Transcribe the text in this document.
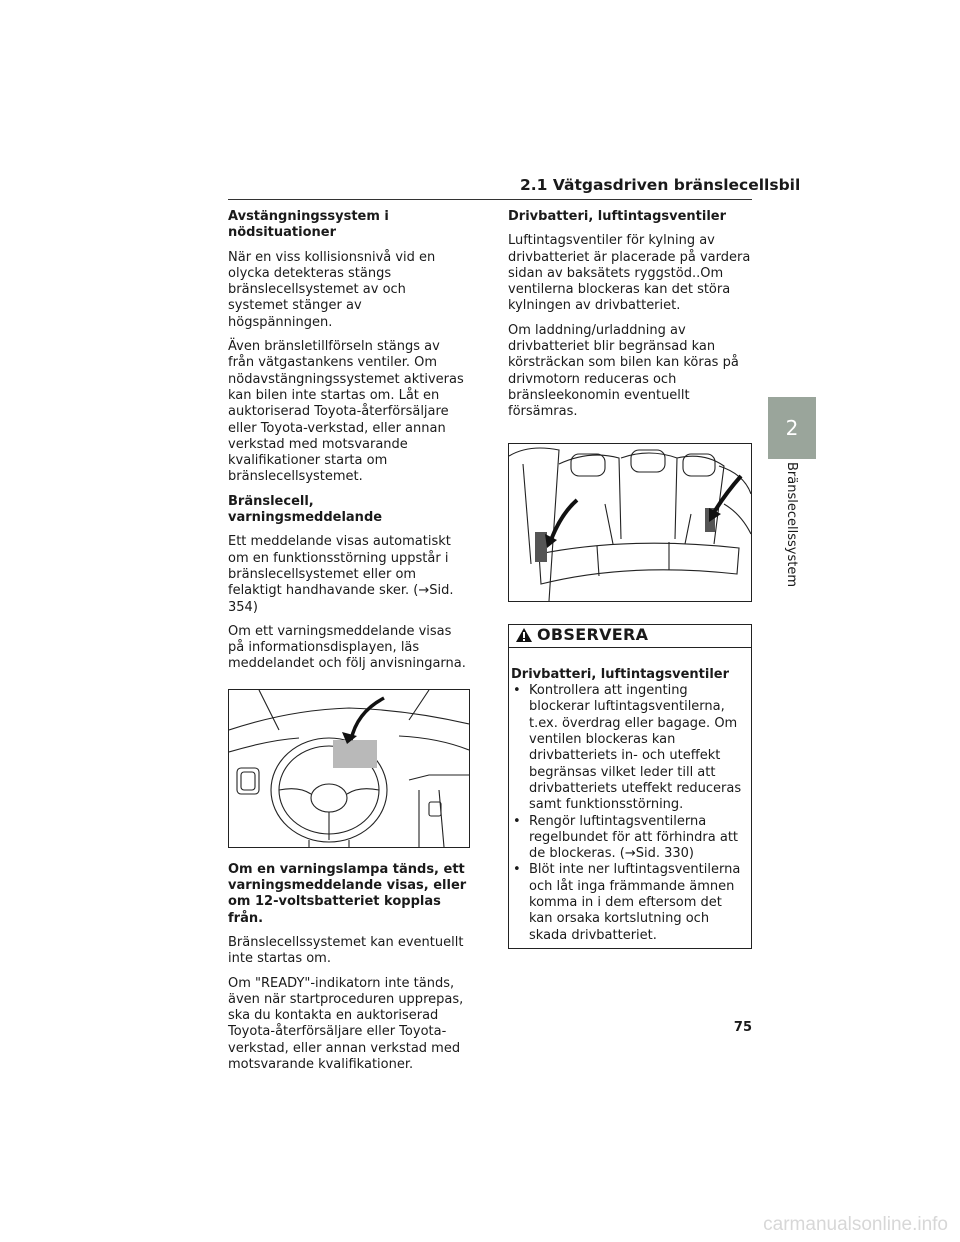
2.1 Vätgasdriven bränslecellsbil
2
Bränslecellssystem

Avstängningssystem i nödsituationer

När en viss kollisionsnivå vid en olycka detekteras stängs bränslecellsystemet av och systemet stänger av högspänningen.

Även bränsletillförseln stängs av från vätgastankens ventiler. Om nödavstängningssystemet aktiveras kan bilen inte startas om. Låt en auktoriserad Toyota-återförsäljare eller Toyota-verkstad, eller annan verkstad med motsvarande kvalifikationer starta om bränslecellsystemet.

Bränslecell, varningsmeddelande

Ett meddelande visas automatiskt om en funktionsstörning uppstår i bränslecellsystemet eller om felaktigt handhavande sker. (→Sid. 354)

Om ett varningsmeddelande visas på informationsdisplayen, läs meddelandet och följ anvisningarna.

Om en varningslampa tänds, ett varningsmeddelande visas, eller om 12-voltsbatteriet kopplas från.

Bränslecellssystemet kan eventuellt inte startas om.

Om "READY"-indikatorn inte tänds, även när startproceduren upprepas, ska du kontakta en auktoriserad Toyota-återförsäljare eller Toyota-verkstad, eller annan verkstad med motsvarande kvalifikationer.

Drivbatteri, luftintagsventiler

Luftintagsventiler för kylning av drivbatteriet är placerade på vardera sidan av baksätets ryggstöd..Om ventilerna blockeras kan det störa kylningen av drivbatteriet.

Om laddning/urladdning av drivbatteriet blir begränsad kan körsträckan som bilen kan köras på drivmotorn reduceras och bränsleekonomin eventuellt försämras.

OBSERVERA

Drivbatteri, luftintagsventiler

• Kontrollera att ingenting blockerar luftintagsventilerna, t.ex. överdrag eller bagage. Om ventilen blockeras kan drivbatteriets in- och uteffekt begränsas vilket leder till att drivbatteriets uteffekt reduceras samt funktionsstörning.

• Rengör luftintagsventilerna regelbundet för att förhindra att de blockeras. (→Sid. 330)

• Blöt inte ner luftintagsventilerna och låt inga främmande ämnen komma in i dem eftersom det kan orsaka kortslutning och skada drivbatteriet.

75
carmanualsonline.info
